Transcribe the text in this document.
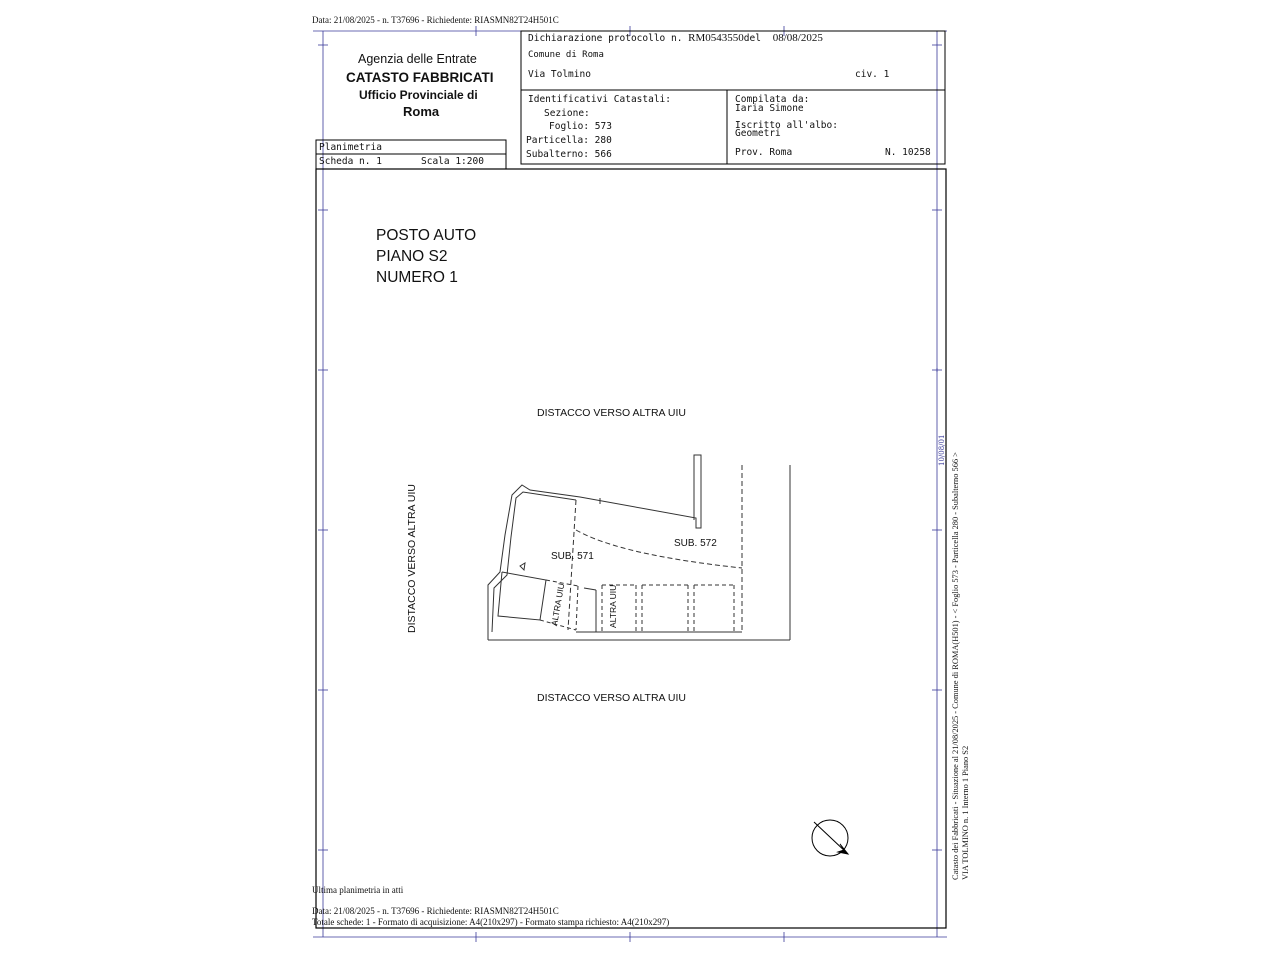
Data: 21/08/2025 - n. T37696 - Richiedente: RIASMN82T24H501C
Agenzia delle Entrate
CATASTO FABBRICATI
Ufficio Provinciale di
Roma
Dichiarazione protocollo n. RM0543550del 08/08/2025
Comune di Roma
Via Tolmino	civ. 1
Identificativi Catastali:
Sezione:
Foglio: 573
Particella: 280
Subalterno: 566
Compilata da:
Iaria Simone
Iscritto all'albo:
Geometri
Prov. Roma	N. 10258
Planimetria
Scheda n. 1	Scala 1:200
POSTO AUTO
PIANO S2
NUMERO 1
DISTACCO VERSO ALTRA UIU
DISTACCO VERSO ALTRA UIU
DISTACCO VERSO ALTRA UIU	SUB. 571
SUB. 572
ALTRA UIU	ALTRA UIU
10/08/01
Catasto dei Fabbricati - Situazione al 21/08/2025 - Comune di ROMA(H501) - < Foglio 573 - Particella 280 - Subalterno 566 > VIA TOLMINO n. 1 Interno 1 Piano S2
Ultima planimetria in atti
Data: 21/08/2025 - n. T37696 - Richiedente: RIASMN82T24H501C
Totale schede: 1 - Formato di acquisizione: A4(210x297) - Formato stampa richiesto: A4(210x297)
